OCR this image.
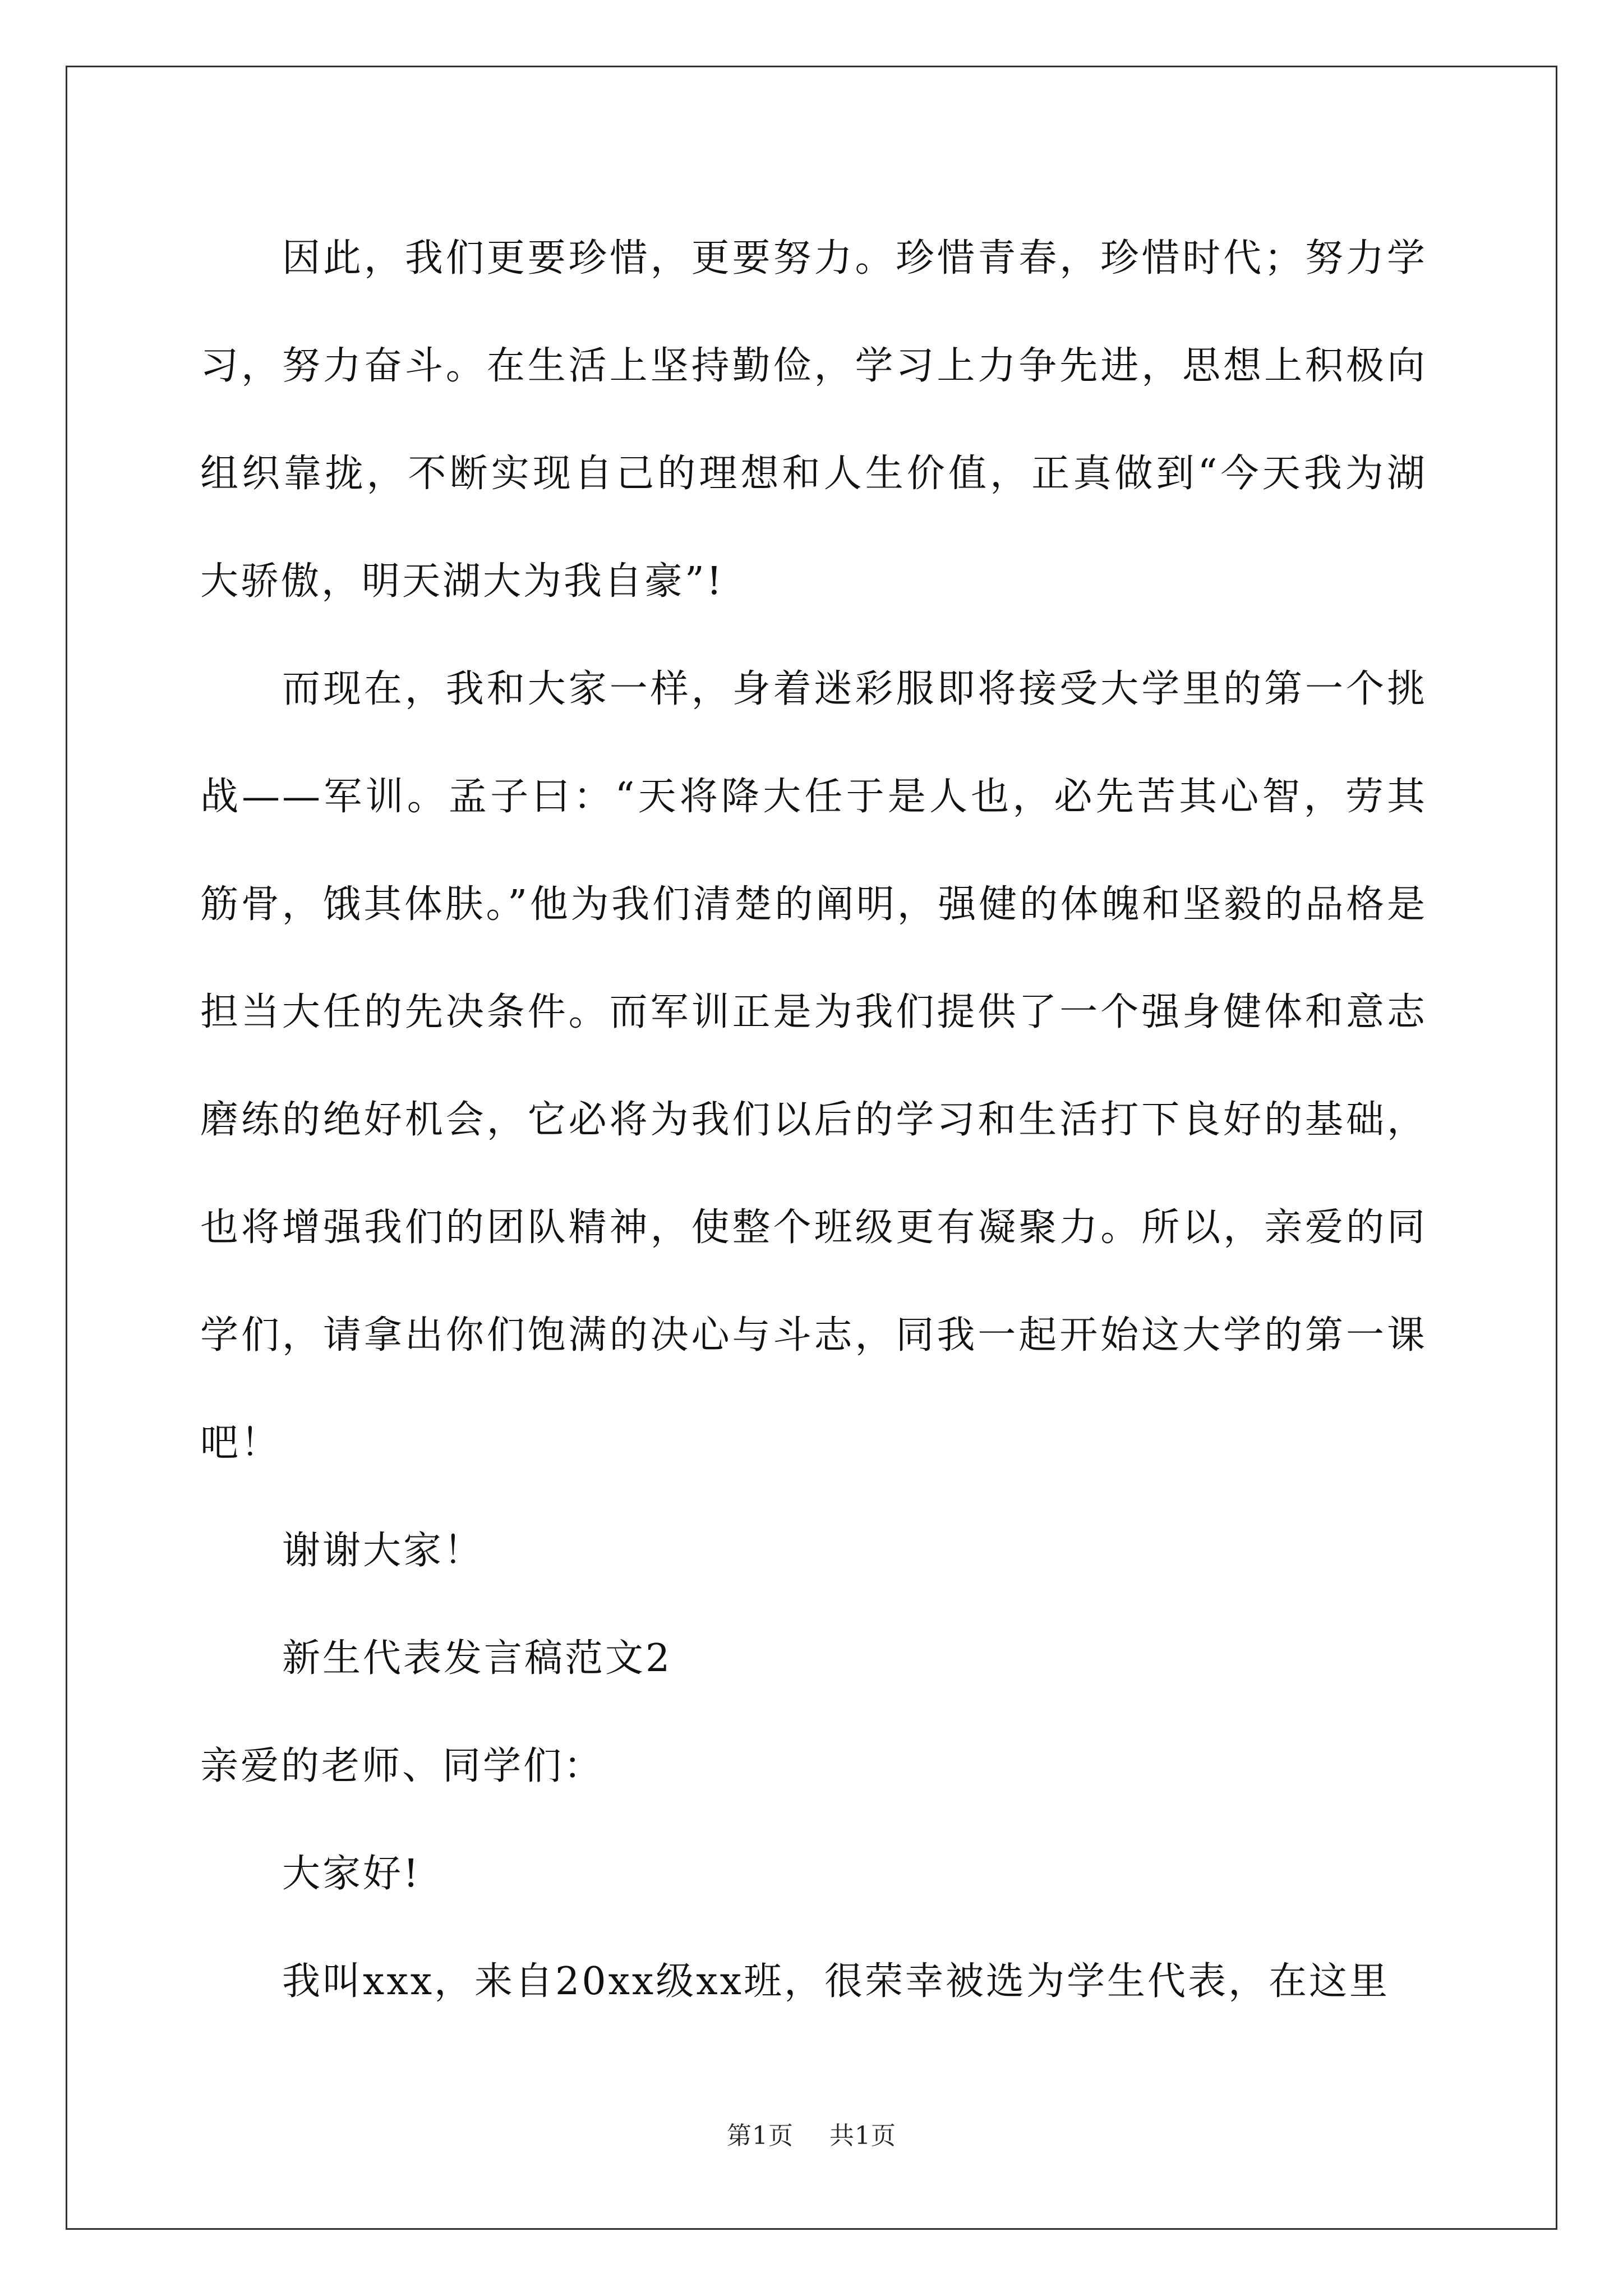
因此，我们更要珍惜，更要努力。珍惜青春，珍惜时代；努力学习，努力奋斗。在生活上坚持勤俭，学习上力争先进，思想上积极向组织靠拢，不断实现自己的理想和人生价值，正真做到“今天我为湖大骄傲，明天湖大为我自豪”!

而现在，我和大家一样，身着迷彩服即将接受大学里的第一个挑战——军训。孟子曰：“天将降大任于是人也，必先苦其心智，劳其筋骨，饿其体肤。”他为我们清楚的阐明，强健的体魄和坚毅的品格是担当大任的先决条件。而军训正是为我们提供了一个强身健体和意志磨练的绝好机会，它必将为我们以后的学习和生活打下良好的基础，也将增强我们的团队精神，使整个班级更有凝聚力。所以，亲爱的同学们，请拿出你们饱满的决心与斗志，同我一起开始这大学的第一课吧！

谢谢大家！

新生代表发言稿范文2

亲爱的老师、同学们：

大家好!

我叫xxx，来自20xx级xx班，很荣幸被选为学生代表，在这里

第1页 共1页
